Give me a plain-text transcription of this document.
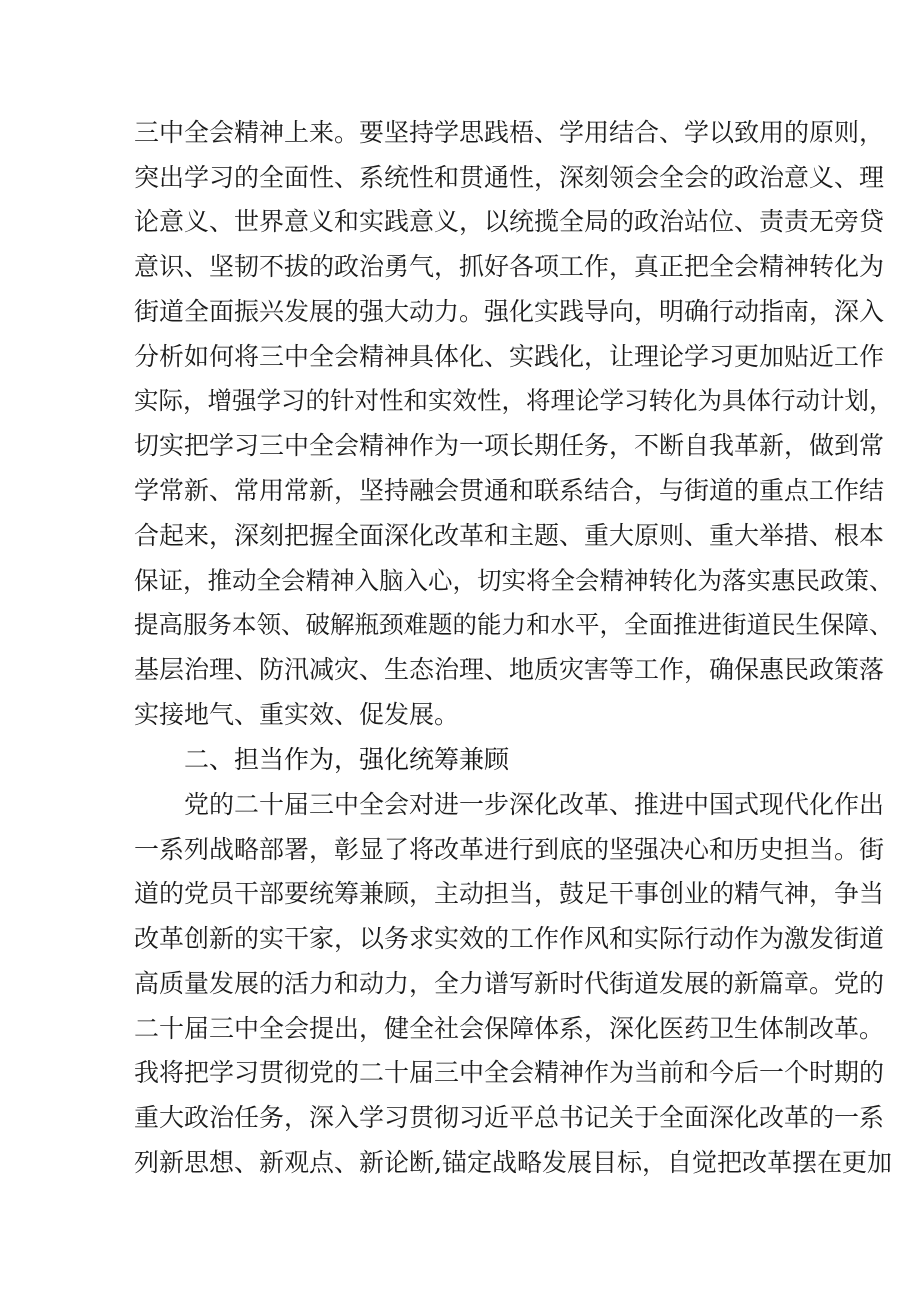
三中全会精神上来。要坚持学思践梧、学用结合、学以致用的原则，
突出学习的全面性、系统性和贯通性，深刻领会全会的政治意义、理
论意义、世界意义和实践意义，以统揽全局的政治站位、责责无旁贷
意识、坚韧不拔的政治勇气，抓好各项工作，真正把全会精神转化为
街道全面振兴发展的强大动力。强化实践导向，明确行动指南，深入
分析如何将三中全会精神具体化、实践化，让理论学习更加贴近工作
实际，增强学习的针对性和实效性，将理论学习转化为具体行动计划，
切实把学习三中全会精神作为一项长期任务，不断自我革新，做到常
学常新、常用常新，坚持融会贯通和联系结合，与街道的重点工作结
合起来，深刻把握全面深化改革和主题、重大原则、重大举措、根本
保证，推动全会精神入脑入心，切实将全会精神转化为落实惠民政策、
提高服务本领、破解瓶颈难题的能力和水平，全面推进街道民生保障、
基层治理、防汛减灾、生态治理、地质灾害等工作，确保惠民政策落
实接地气、重实效、促发展。
二、担当作为，强化统筹兼顾
党的二十届三中全会对进一步深化改革、推进中国式现代化作出
一系列战略部署，彰显了将改革进行到底的坚强决心和历史担当。街
道的党员干部要统筹兼顾，主动担当，鼓足干事创业的精气神，争当
改革创新的实干家，以务求实效的工作作风和实际行动作为激发街道
高质量发展的活力和动力，全力谱写新时代街道发展的新篇章。党的
二十届三中全会提出，健全社会保障体系，深化医药卫生体制改革。
我将把学习贯彻党的二十届三中全会精神作为当前和今后一个时期的
重大政治任务，深入学习贯彻习近平总书记关于全面深化改革的一系
列新思想、新观点、新论断,锚定战略发展目标，自觉把改革摆在更加
